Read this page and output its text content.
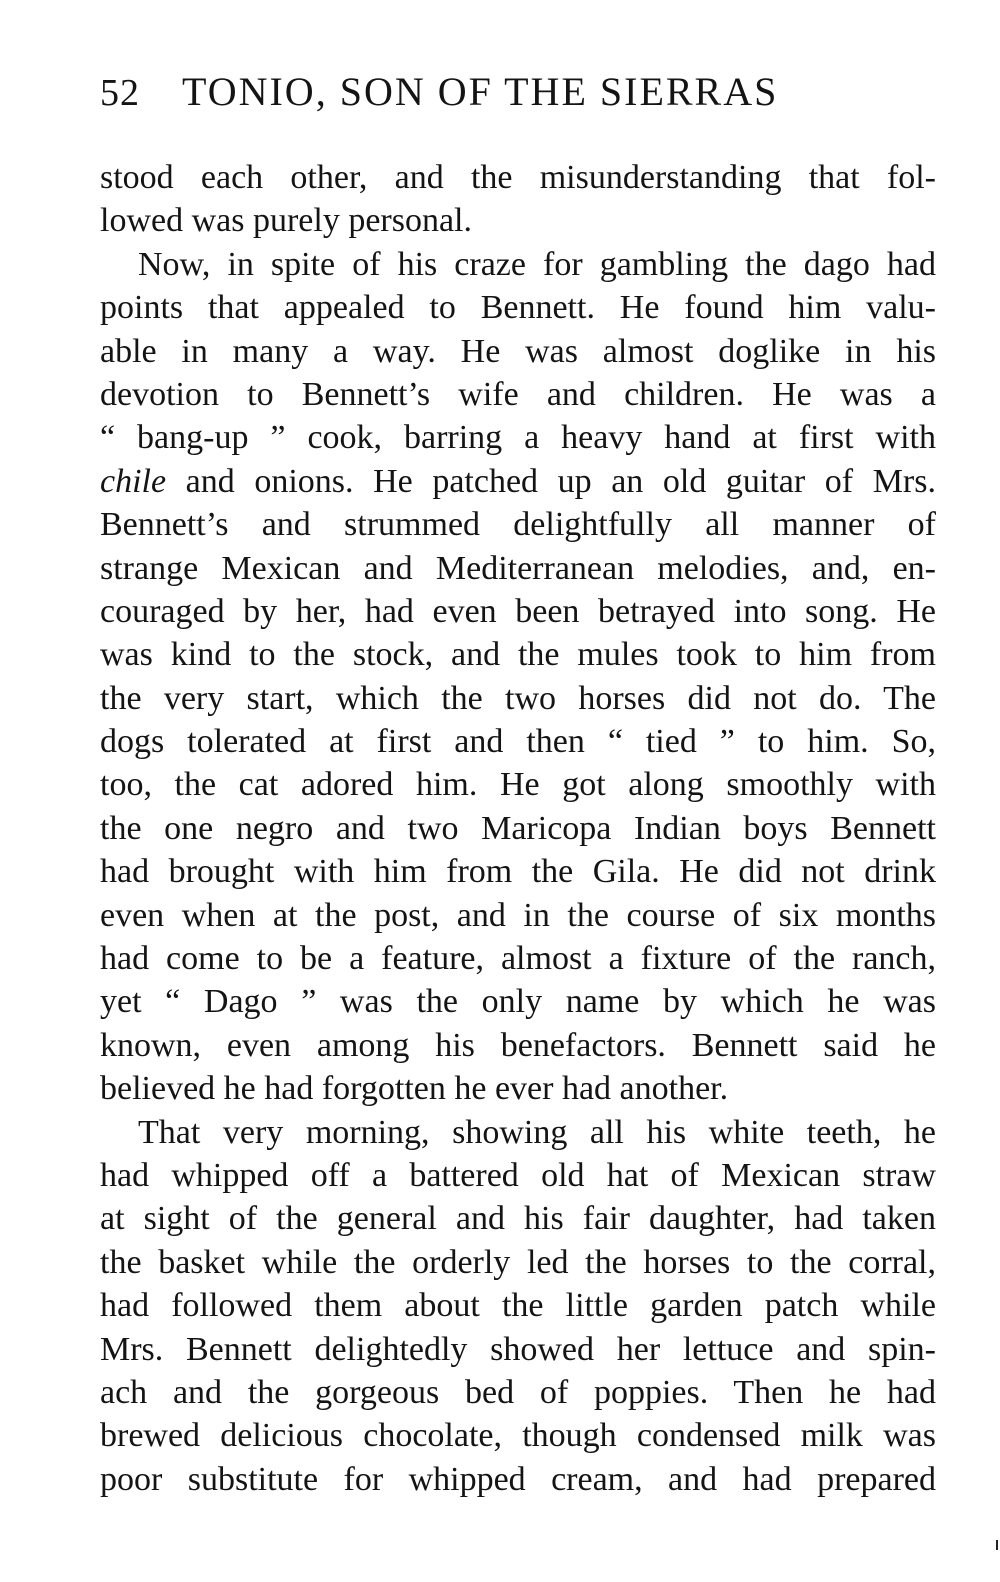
52 TONIO, SON OF THE SIERRAS

stood each other, and the misunderstanding that fol-
lowed was purely personal.

Now, in spite of his craze for gambling the dago had
points that appealed to Bennett. He found him valu-
able in many a way. He was almost doglike in his
devotion to Bennett’s wife and children. He was a
“ bang-up ” cook, barring a heavy hand at first with
chile and onions. He patched up an old guitar of Mrs.
Bennett’s and strummed delightfully all manner of
strange Mexican and Mediterranean melodies, and, en-
couraged by her, had even been betrayed into song. He
was kind to the stock, and the mules took to him from
the very start, which the two horses did not do. The
dogs tolerated at first and then “ tied ” to him. So,
too, the cat adored him. He got along smoothly with
the one negro and two Maricopa Indian boys Bennett
had brought with him from the Gila. He did not drink
even when at the post, and in the course of six months
had come to be a feature, almost a fixture of the ranch,
yet “ Dago ” was the only name by which he was
known, even among his benefactors. Bennett said he
believed he had forgotten he ever had another.

That very morning, showing all his white teeth, he
had whipped off a battered old hat of Mexican straw
at sight of the general and his fair daughter, had taken
the basket while the orderly led the horses to the corral,
had followed them about the little garden patch while
Mrs. Bennett delightedly showed her lettuce and spin-
ach and the gorgeous bed of poppies. Then he had
brewed delicious chocolate, though condensed milk was
poor substitute for whipped cream, and had prepared
